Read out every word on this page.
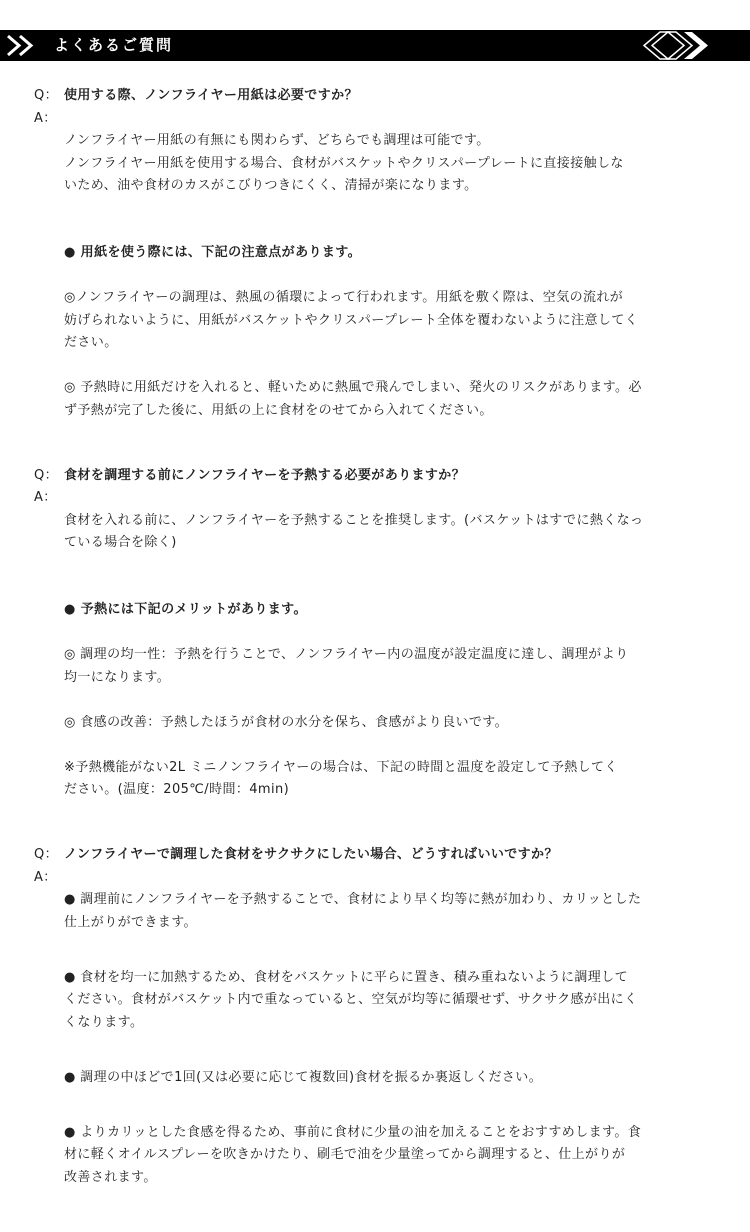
よくあるご質問
Q： 使用する際、ノンフライヤー用紙は必要ですか？
A：

ノンフライヤー用紙の有無にも関わらず、どちらでも調理は可能です。
ノンフライヤー用紙を使用する場合、食材がバスケットやクリスパープレートに直接接触しな
いため、油や食材のカスがこびりつきにくく、清掃が楽になります。

● 用紙を使う際には、下記の注意点があります。

◎ノンフライヤーの調理は、熱風の循環によって行われます。用紙を敷く際は、空気の流れが
妨げられないように、用紙がバスケットやクリスパープレート全体を覆わないように注意してく
ださい。

◎ 予熱時に用紙だけを入れると、軽いために熱風で飛んでしまい、発火のリスクがあります。必
ず予熱が完了した後に、用紙の上に食材をのせてから入れてください。

Q： 食材を調理する前にノンフライヤーを予熱する必要がありますか？
A：

食材を入れる前に、ノンフライヤーを予熱することを推奨します。(バスケットはすでに熱くなっ
ている場合を除く)

● 予熱には下記のメリットがあります。

◎ 調理の均一性：予熱を行うことで、ノンフライヤー内の温度が設定温度に達し、調理がより
均一になります。

◎ 食感の改善：予熱したほうが食材の水分を保ち、食感がより良いです。

※予熱機能がない2L ミニノンフライヤーの場合は、下記の時間と温度を設定して予熱してく
ださい。(温度：205℃/時間：4min)

Q： ノンフライヤーで調理した食材をサクサクにしたい場合、どうすればいいですか？
A：

● 調理前にノンフライヤーを予熱することで、食材により早く均等に熱が加わり、カリッとした
仕上がりができます。

● 食材を均一に加熱するため、食材をバスケットに平らに置き、積み重ねないように調理して
ください。食材がバスケット内で重なっていると、空気が均等に循環せず、サクサク感が出にく
くなります。

● 調理の中ほどで1回(又は必要に応じて複数回)食材を振るか裏返しください。

● よりカリッとした食感を得るため、事前に食材に少量の油を加えることをおすすめします。食
材に軽くオイルスプレーを吹きかけたり、刷毛で油を少量塗ってから調理すると、仕上がりが
改善されます。
